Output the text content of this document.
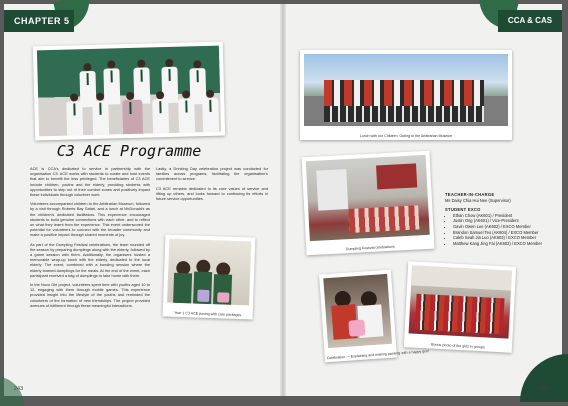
CHAPTER 5	CCA & CAS
C3 ACE Programme

ACE is CCA's dedicated to service in partnership with the organisation C3. ACE works with students to curate and host events that aim to benefit the less privileged. The beneficiaries of C3 ACE include children, youths and the elderly, providing students with opportunities to step out of their comfort zones and positively impact these individuals through volunteer work.

Volunteers accompanied children to the Arbitrarian Museum, followed by a visit through Roberts Bay Safari, and a lunch at McDonald's as the children's dedicated facilitators. This experience encouraged students to build genuine connections with each other, and to reflect on what they learnt from the experience. This event underscored the potential for volunteers to connect with the broader community and make a positive impact through shared moments of joy.

As part of the Dumpling Festival celebrations, the team rounded off the season by preparing dumplings along with the elderly, followed by a game session with them. Additionally, the organisers hosted a memorable wrap-up lunch with the elderly, dedicated to the local elderly. The event, combined with a bonding session where the elderly learned dumplings for the meals. At the end of the event, each participant received a bag of dumplings to take home with them.

In the Nuvo Girl project, volunteers spent time with youths aged 10 to 12, engaging with them through mobile games. This experience provided insight into the lifestyle of the youths and reminded the volunteers of the formation of new friendships. The project provided avenues of fulfilment through these meaningful interactions.

Lastly, a Drinking Day celebration project was conducted for families across programs, facilitating the organisation's commitment to service.

C3 ACE remains dedicated to its core values of service and lifting up others, and looks forward to continuing its efforts in future service opportunities.

Year 1 C3 ACE posing with care packages
Lunch with our Children: Outing to the Arbitrarian Museum
Dumpling Festival celebrations
TEACHER-IN-CHARGE
Ms Daisy Chia Hui Nee (Supervisor)
STUDENT EXCO
• Ethan Chow (AK601) / President
• Justin Ong (AK601) / Vice-President
• Gavin Owen Lee (AK602) / EXCO Member
• Brandon Samuel Teo (AK604) / EXCO Member
• Caleb Seah Jia Luo (AK603) / EXCO Member
• Matthew Kang Jing Fai (AK602) / EXCO Member
Celebration — Explaining and making packing with a happy grin!
Bonus photo of the girls in groups
243	244
